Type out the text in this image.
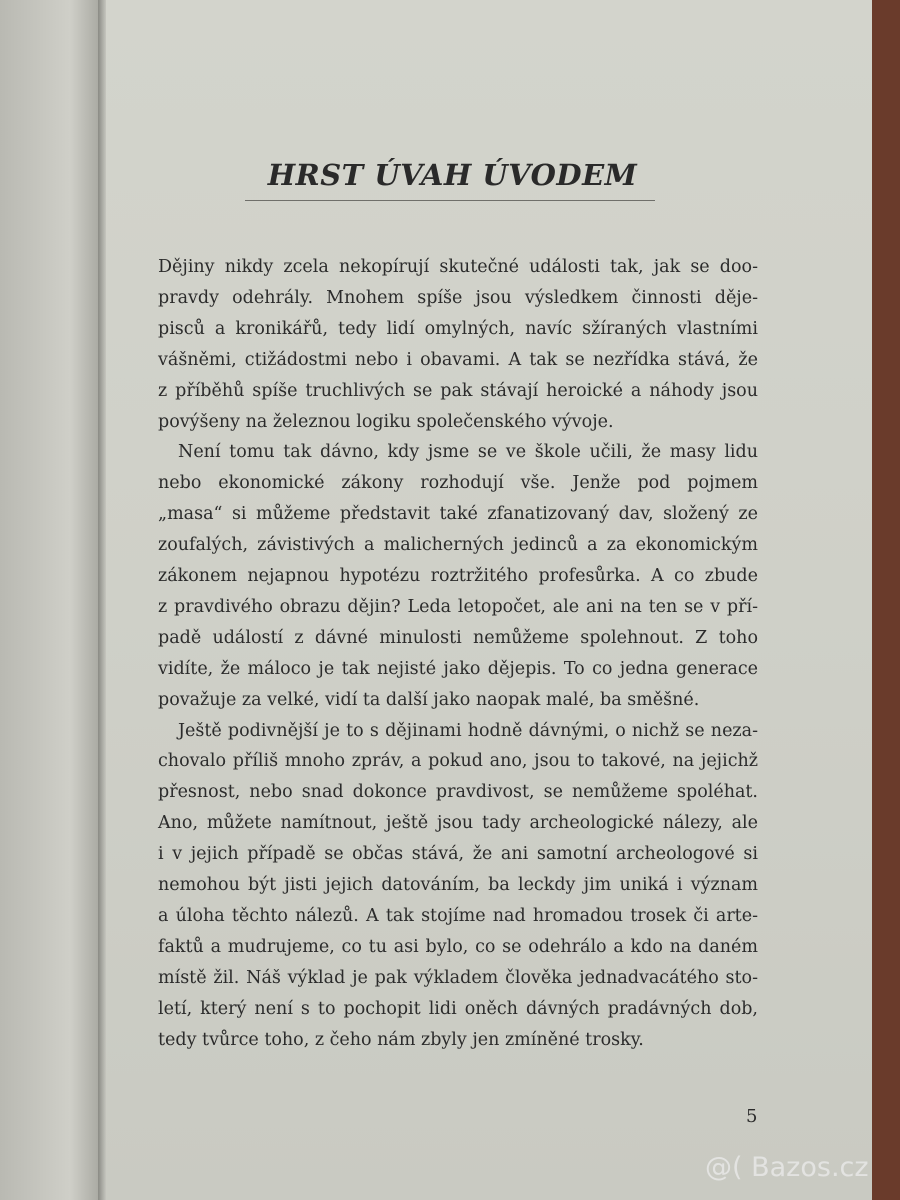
HRST ÚVAH ÚVODEM
Dějiny nikdy zcela nekopírují skutečné události tak, jak se doo-
pravdy odehrály. Mnohem spíše jsou výsledkem činnosti děje-
pisců a kronikářů, tedy lidí omylných, navíc sžíraných vlastními
vášněmi, ctižádostmi nebo i obavami. A tak se nezřídka stává, že
z příběhů spíše truchlivých se pak stávají heroické a náhody jsou
povýšeny na železnou logiku společenského vývoje.
Není tomu tak dávno, kdy jsme se ve škole učili, že masy lidu
nebo ekonomické zákony rozhodují vše. Jenže pod pojmem
„masa“ si můžeme představit také zfanatizovaný dav, složený ze
zoufalých, závistivých a malicherných jedinců a za ekonomickým
zákonem nejapnou hypotézu roztržitého profesůrka. A co zbude
z pravdivého obrazu dějin? Leda letopočet, ale ani na ten se v pří-
padě událostí z dávné minulosti nemůžeme spolehnout. Z toho
vidíte, že máloco je tak nejisté jako dějepis. To co jedna generace
považuje za velké, vidí ta další jako naopak malé, ba směšné.
Ještě podivnější je to s dějinami hodně dávnými, o nichž se neza-
chovalo příliš mnoho zpráv, a pokud ano, jsou to takové, na jejichž
přesnost, nebo snad dokonce pravdivost, se nemůžeme spoléhat.
Ano, můžete namítnout, ještě jsou tady archeologické nálezy, ale
i v jejich případě se občas stává, že ani samotní archeologové si
nemohou být jisti jejich datováním, ba leckdy jim uniká i význam
a úloha těchto nálezů. A tak stojíme nad hromadou trosek či arte-
faktů a mudrujeme, co tu asi bylo, co se odehrálo a kdo na daném
místě žil. Náš výklad je pak výkladem člověka jednadvacátého sto-
letí, který není s to pochopit lidi oněch dávných pradávných dob,
tedy tvůrce toho, z čeho nám zbyly jen zmíněné trosky.
5
@( Bazos.cz
